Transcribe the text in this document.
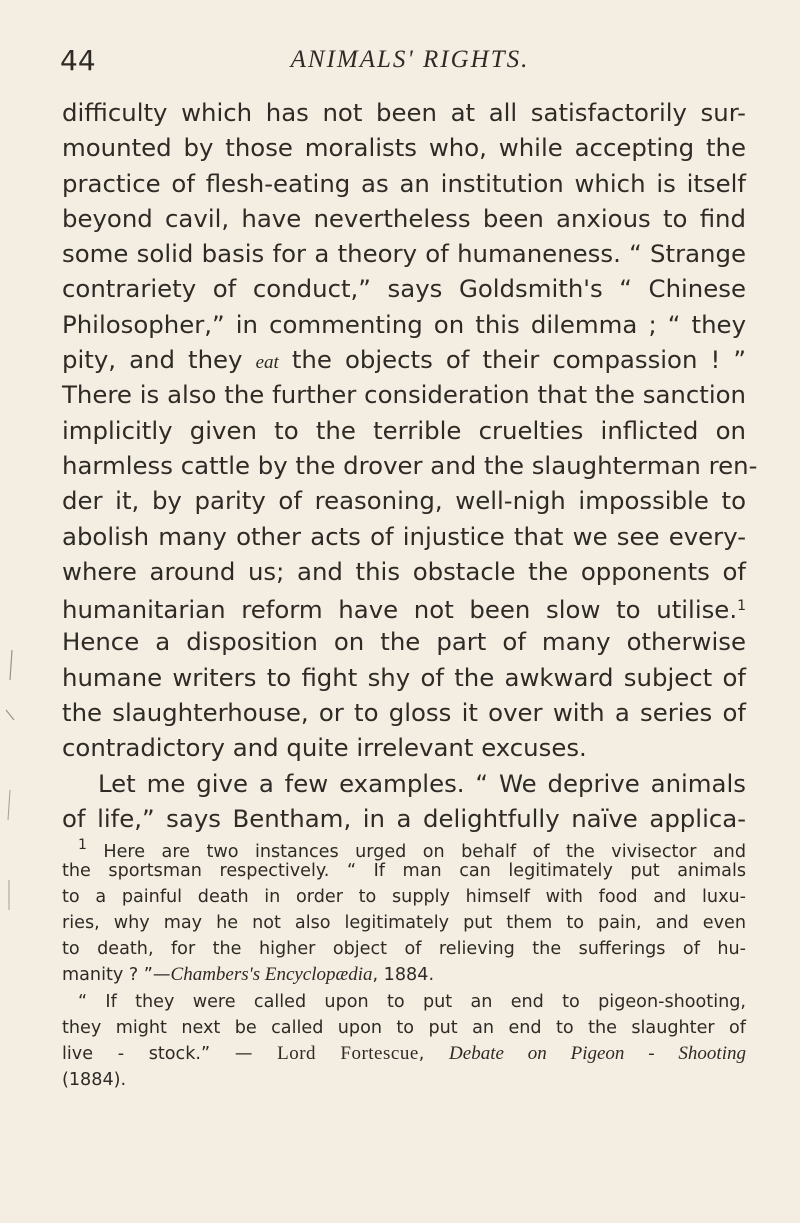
44	ANIMALS' RIGHTS.
difficulty which has not been at all satisfactorily sur-
mounted by those moralists who, while accepting the
practice of flesh-eating as an institution which is itself
beyond cavil, have nevertheless been anxious to find
some solid basis for a theory of humaneness. “ Strange
contrariety of conduct,” says Goldsmith's “ Chinese
Philosopher,” in commenting on this dilemma ; “ they
pity, and they eat the objects of their compassion ! ”
There is also the further consideration that the sanction
implicitly given to the terrible cruelties inflicted on
harmless cattle by the drover and the slaughterman ren-
der it, by parity of reasoning, well-nigh impossible to
abolish many other acts of injustice that we see every-
where around us; and this obstacle the opponents of
humanitarian reform have not been slow to utilise.$^1$
Hence a disposition on the part of many otherwise
humane writers to fight shy of the awkward subject of
the slaughterhouse, or to gloss it over with a series of
contradictory and quite irrelevant excuses.
Let me give a few examples. “ We deprive animals
of life,” says Bentham, in a delightfully naïve applica-
$^1$ Here are two instances urged on behalf of the vivisector and
the sportsman respectively. “ If man can legitimately put animals
to a painful death in order to supply himself with food and luxu-
ries, why may he not also legitimately put them to pain, and even
to death, for the higher object of relieving the sufferings of hu-
manity ? ”—Chambers's Encyclopædia, 1884.
“ If they were called upon to put an end to pigeon-shooting,
they might next be called upon to put an end to the slaughter of
live - stock.” — Lord Fortescue, Debate on Pigeon - Shooting
(1884).
